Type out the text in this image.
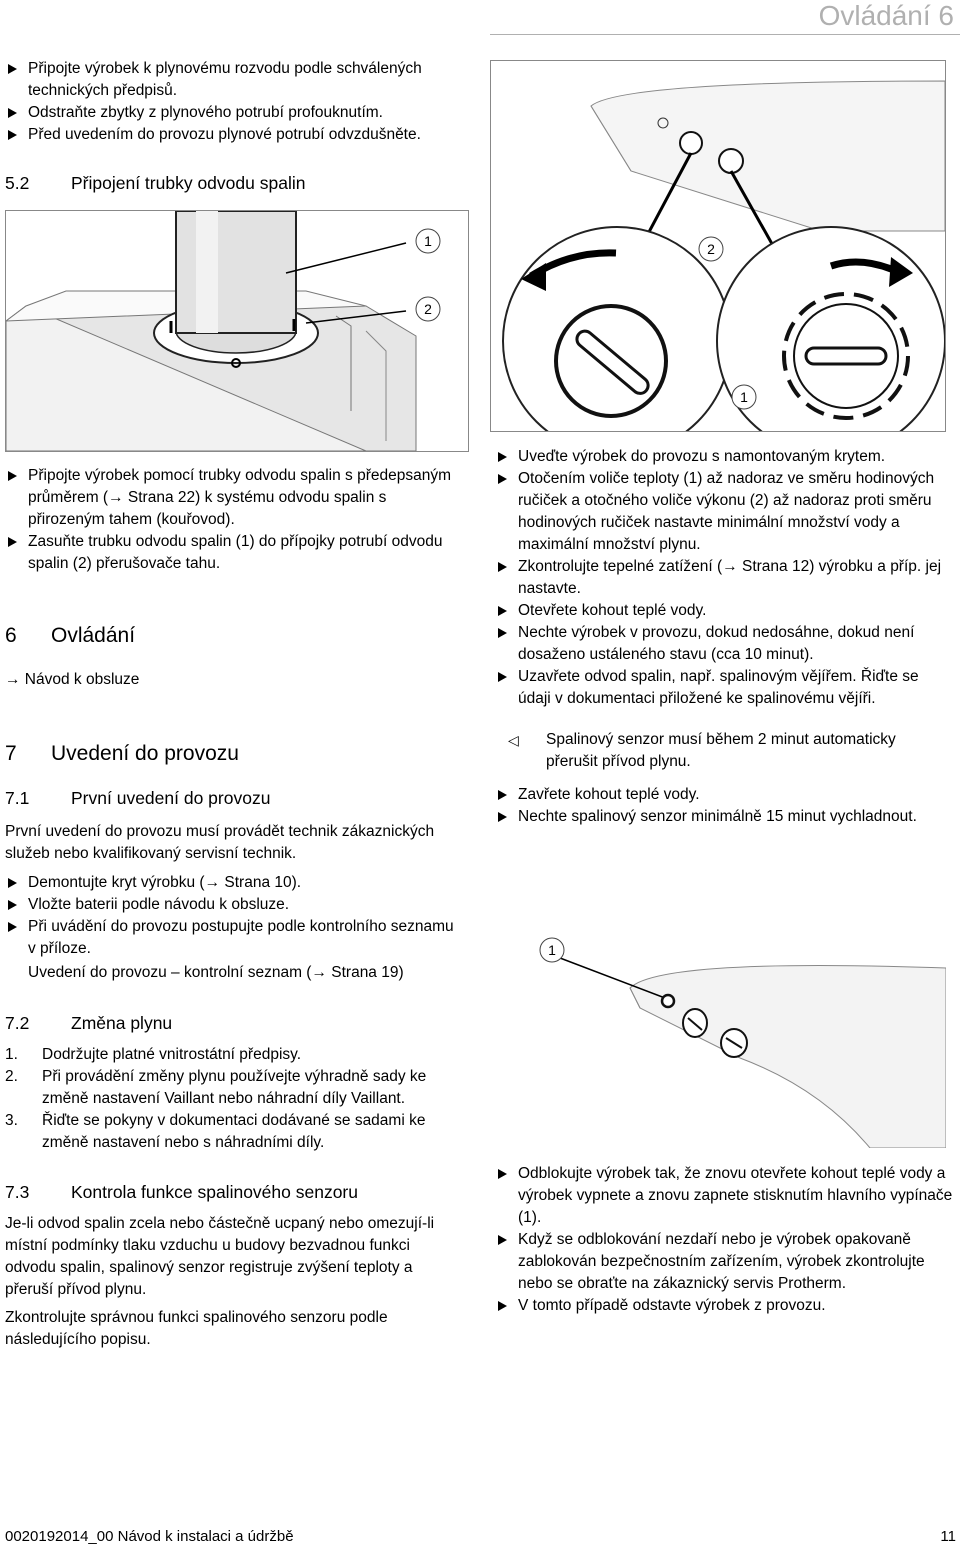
Ovládání 6
Připojte výrobek k plynovému rozvodu podle schválených technických předpisů.
Odstraňte zbytky z plynového potrubí profouknutím.
Před uvedením do provozu plynové potrubí odvzdušněte.
5.2 Připojení trubky odvodu spalin
1
2
2
1
Připojte výrobek pomocí trubky odvodu spalin s předepsaným průměrem (→ Strana 22) k systému odvodu spalin s přirozeným tahem (kouřovod).
Zasuňte trubku odvodu spalin (1) do přípojky potrubí odvodu spalin (2) přerušovače tahu.
6 Ovládání
→ Návod k obsluze
7 Uvedení do provozu
7.1 První uvedení do provozu
První uvedení do provozu musí provádět technik zákaznických služeb nebo kvalifikovaný servisní technik.
Demontujte kryt výrobku (→ Strana 10).
Vložte baterii podle návodu k obsluze.
Při uvádění do provozu postupujte podle kontrolního seznamu v příloze.
Uvedení do provozu – kontrolní seznam (→ Strana 19)
7.2 Změna plynu
1. Dodržujte platné vnitrostátní předpisy.
2. Při provádění změny plynu používejte výhradně sady ke změně nastavení Vaillant nebo náhradní díly Vaillant.
3. Řiďte se pokyny v dokumentaci dodávané se sadami ke změně nastavení nebo s náhradními díly.
7.3 Kontrola funkce spalinového senzoru
Je-li odvod spalin zcela nebo částečně ucpaný nebo omezují-li místní podmínky tlaku vzduchu u budovy bezvadnou funkci odvodu spalin, spalinový senzor registruje zvýšení teploty a přeruší přívod plynu.
Zkontrolujte správnou funkci spalinového senzoru podle následujícího popisu.
Uveďte výrobek do provozu s namontovaným krytem.
Otočením voliče teploty (1) až nadoraz ve směru hodinových ručiček a otočného voliče výkonu (2) až nadoraz proti směru hodinových ručiček nastavte minimální množství vody a maximální množství plynu.
Zkontrolujte tepelné zatížení (→ Strana 12) výrobku a příp. jej nastavte.
Otevřete kohout teplé vody.
Nechte výrobek v provozu, dokud nedosáhne, dokud není dosaženo ustáleného stavu (cca 10 minut).
Uzavřete odvod spalin, např. spalinovým vějířem. Řiďte se údaji v dokumentaci přiložené ke spalinovému vějíři.
◁ Spalinový senzor musí během 2 minut automaticky přerušit přívod plynu.
Zavřete kohout teplé vody.
Nechte spalinový senzor minimálně 15 minut vychladnout.
1
Odblokujte výrobek tak, že znovu otevřete kohout teplé vody a výrobek vypnete a znovu zapnete stisknutím hlavního vypínače (1).
Když se odblokování nezdaří nebo je výrobek opakovaně zablokován bezpečnostním zařízením, výrobek zkontrolujte nebo se obraťte na zákaznický servis Protherm.
V tomto případě odstavte výrobek z provozu.
0020192014_00 Návod k instalaci a údržbě	11
